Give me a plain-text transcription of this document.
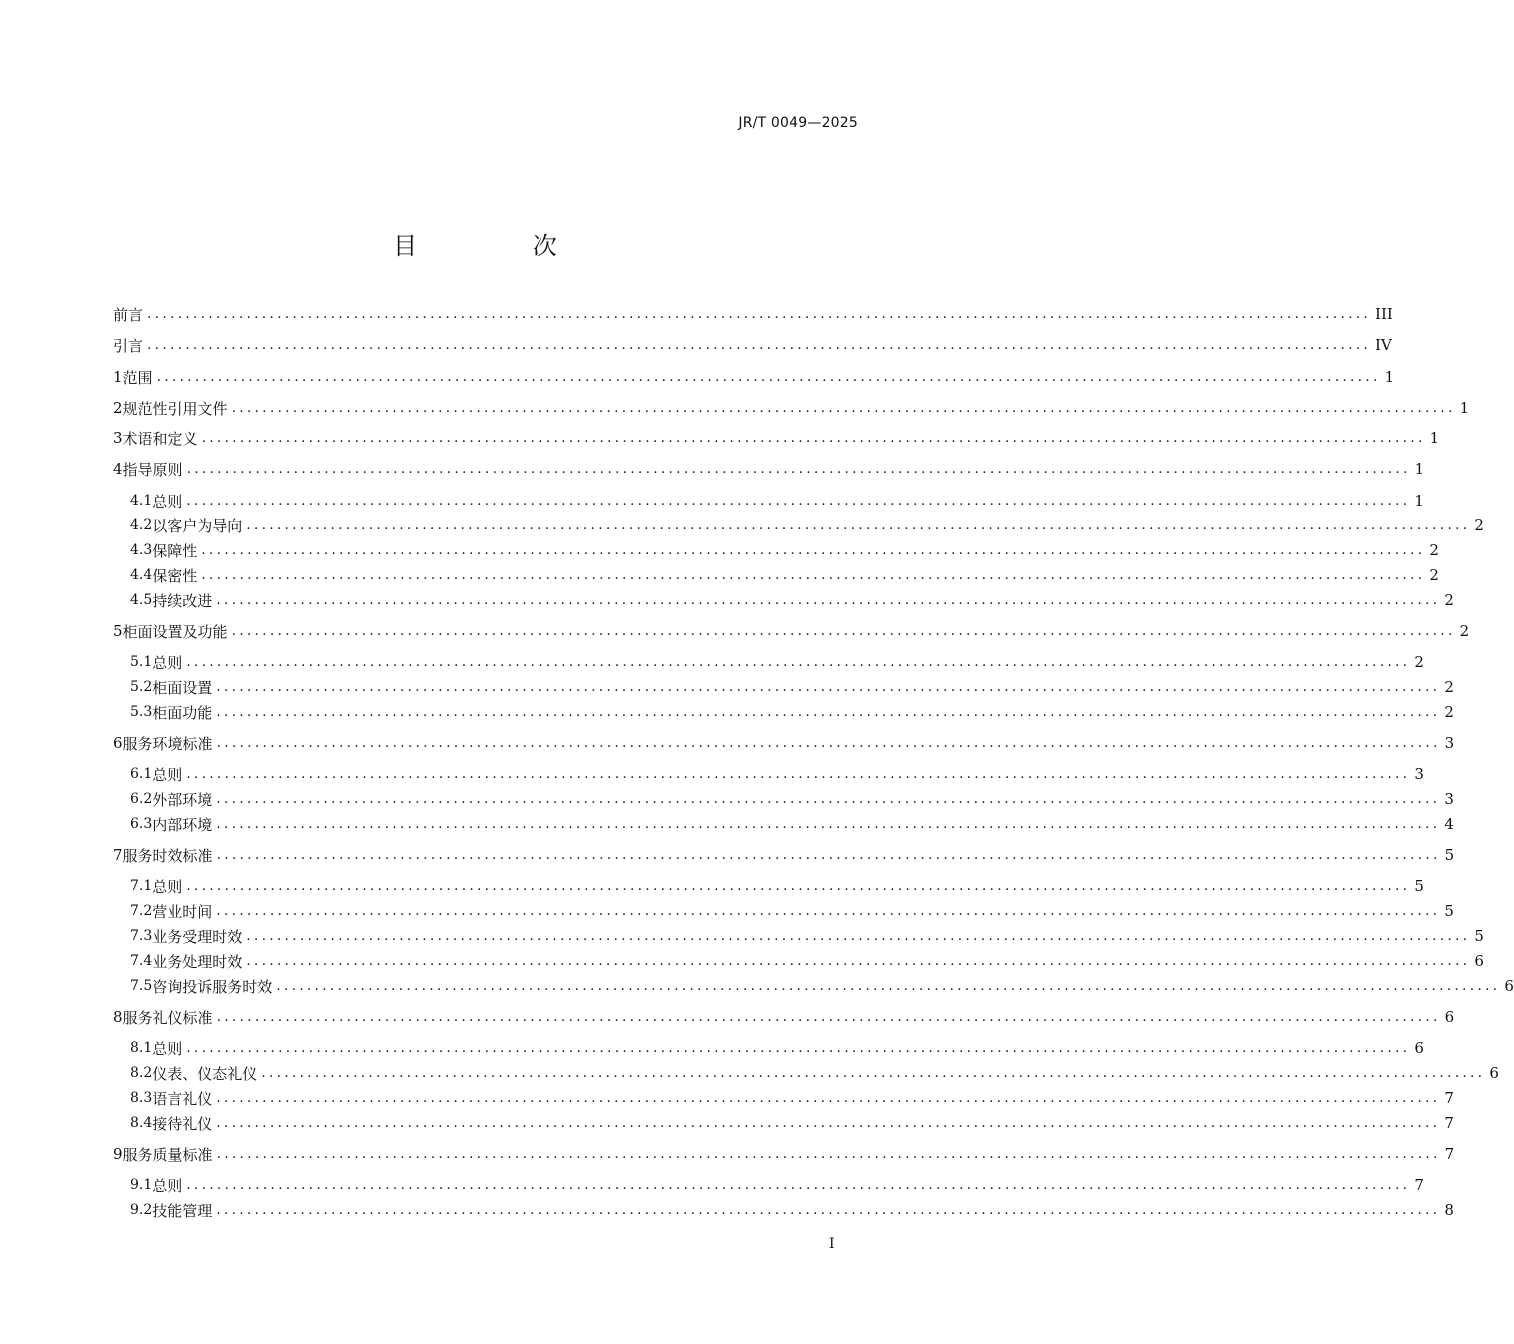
JR/T 0049—2025
目 次
前言 ................................................................................................................................................................ III
引言 ................................................................................................................................................................ IV
1 范围 ................................................................................................................................................................ 1
2 规范性引用文件 ................................................................................................................................................................ 1
3 术语和定义 ................................................................................................................................................................ 1
4 指导原则 ................................................................................................................................................................ 1
4.1 总则 ................................................................................................................................................................ 1
4.2 以客户为导向 ................................................................................................................................................................ 2
4.3 保障性 ................................................................................................................................................................ 2
4.4 保密性 ................................................................................................................................................................ 2
4.5 持续改进 ................................................................................................................................................................ 2
5 柜面设置及功能 ................................................................................................................................................................ 2
5.1 总则 ................................................................................................................................................................ 2
5.2 柜面设置 ................................................................................................................................................................ 2
5.3 柜面功能 ................................................................................................................................................................ 2
6 服务环境标准 ................................................................................................................................................................ 3
6.1 总则 ................................................................................................................................................................ 3
6.2 外部环境 ................................................................................................................................................................ 3
6.3 内部环境 ................................................................................................................................................................ 4
7 服务时效标准 ................................................................................................................................................................ 5
7.1 总则 ................................................................................................................................................................ 5
7.2 营业时间 ................................................................................................................................................................ 5
7.3 业务受理时效 ................................................................................................................................................................ 5
7.4 业务处理时效 ................................................................................................................................................................ 6
7.5 咨询投诉服务时效 ................................................................................................................................................................ 6
8 服务礼仪标准 ................................................................................................................................................................ 6
8.1 总则 ................................................................................................................................................................ 6
8.2 仪表、仪态礼仪 ................................................................................................................................................................ 6
8.3 语言礼仪 ................................................................................................................................................................ 7
8.4 接待礼仪 ................................................................................................................................................................ 7
9 服务质量标准 ................................................................................................................................................................ 7
9.1 总则 ................................................................................................................................................................ 7
9.2 技能管理 ................................................................................................................................................................ 8
I
